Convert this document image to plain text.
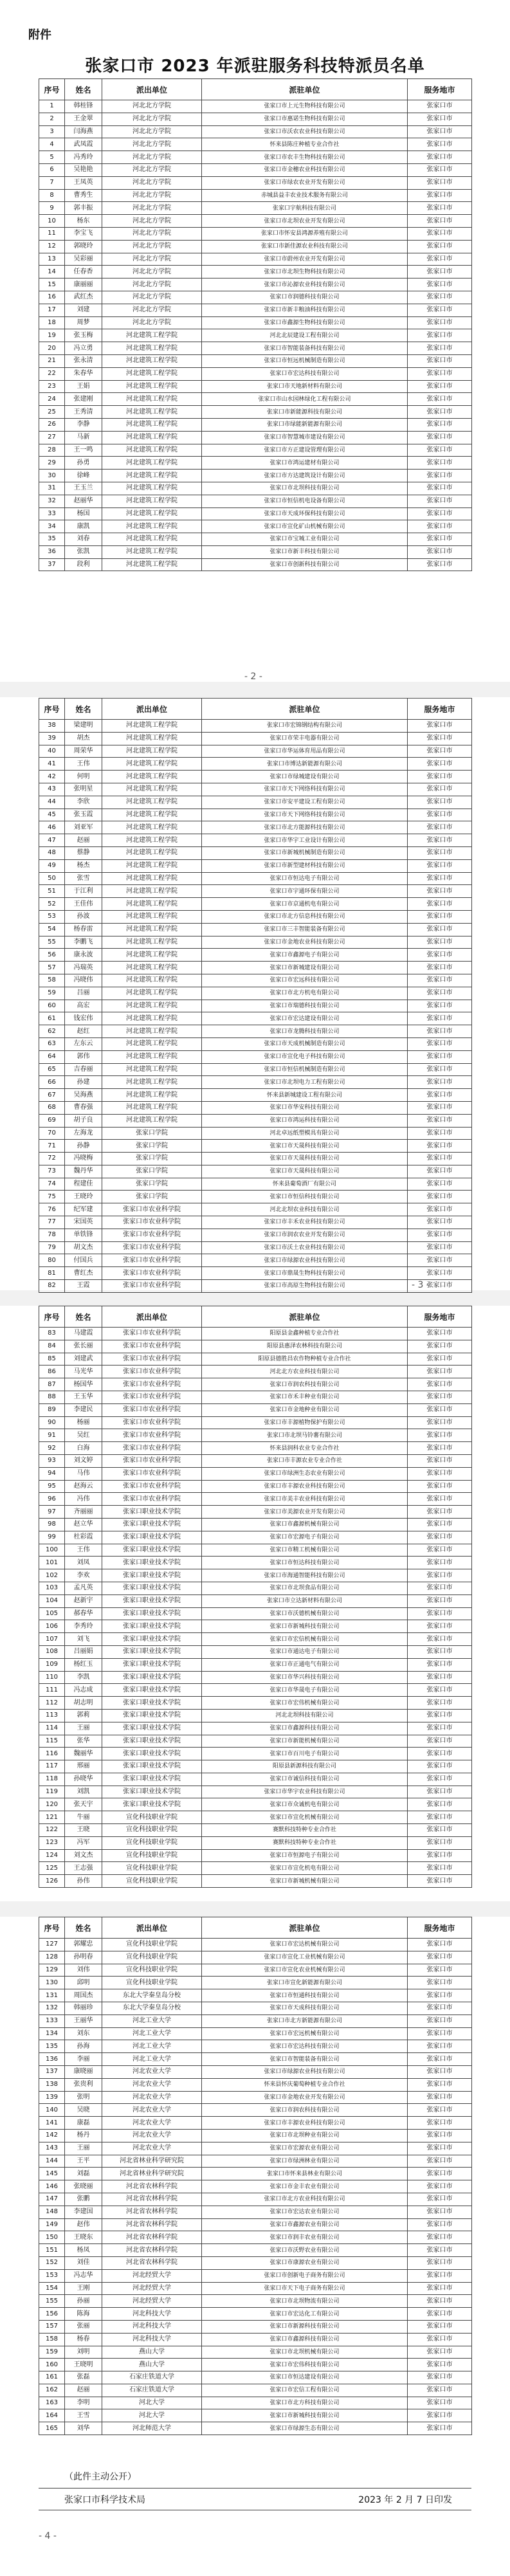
附件
张家口市 2023 年派驻服务科技特派员名单
序号	姓名	派出单位	派驻单位	服务地市
1	韩桂锋	河北北方学院	张家口市上元生物科技有限公司	张家口市
2	王金翠	河北北方学院	张家口市惠诺生物科技有限公司	张家口市
3	闫海燕	河北北方学院	张家口市沃农农业科技有限公司	张家口市
4	武凤霞	河北北方学院	怀来县陈庄种植专业合作社	张家口市
5	冯秀玲	河北北方学院	张家口市农丰生物科技有限公司	张家口市
6	吴艳艳	河北北方学院	张家口市金穗农业科技有限公司	张家口市
7	王凤英	河北北方学院	张家口市绿农农业开发有限公司	张家口市
8	曹秀生	河北北方学院	赤城县益丰农业技术服务有限公司	张家口市
9	郭丰振	河北北方学院	张家口宇航科技有限公司	张家口市
10	杨东	河北北方学院	张家口市北坝农业开发有限公司	张家口市
11	李宝飞	河北北方学院	张家口市怀安县鸿源养殖有限公司	张家口市
12	郭晓玲	河北北方学院	张家口市新佳源农业科技有限公司	张家口市
13	吴彩丽	河北北方学院	张家口市蔚州农业开发有限公司	张家口市
14	任春香	河北北方学院	张家口市北坝生物科技有限公司	张家口市
15	康丽丽	河北北方学院	张家口市沁源农业科技有限公司	张家口市
16	武红杰	河北北方学院	张家口市润德科技有限公司	张家口市
17	刘建	河北北方学院	张家口市新丰粮油科技有限公司	张家口市
18	周梦	河北北方学院	张家口市鑫源生物科技有限公司	张家口市
19	张玉梅	河北建筑工程学院	河北北辰建设工程有限公司	张家口市
20	冯立勇	河北建筑工程学院	张家口市智能装备科技有限公司	张家口市
21	张永清	河北建筑工程学院	张家口市恒远机械制造有限公司	张家口市
22	朱春华	河北建筑工程学院	张家口市宏达科技有限公司	张家口市
23	王娟	河北建筑工程学院	张家口市天地新材料有限公司	张家口市
24	张建刚	河北建筑工程学院	张家口市山水园林绿化工程有限公司	张家口市
25	王秀清	河北建筑工程学院	张家口市新能源科技有限公司	张家口市
26	李静	河北建筑工程学院	张家口市绿能新能源有限公司	张家口市
27	马新	河北建筑工程学院	张家口市智慧城市建设有限公司	张家口市
28	王一鸣	河北建筑工程学院	张家口市方正建设管理有限公司	张家口市
29	孙勇	河北建筑工程学院	张家口市鸿运建材有限公司	张家口市
30	徐峰	河北建筑工程学院	张家口市方达建筑设计有限公司	张家口市
31	王玉兰	河北建筑工程学院	张家口市北坝科技有限公司	张家口市
32	赵丽华	河北建筑工程学院	张家口市恒信机电设备有限公司	张家口市
33	杨国	河北建筑工程学院	张家口市天成环保科技有限公司	张家口市
34	康凯	河北建筑工程学院	张家口市宣化矿山机械有限公司	张家口市
35	刘春	河北建筑工程学院	张家口市宝城工业有限公司	张家口市
36	张凯	河北建筑工程学院	张家口市新丰科技有限公司	张家口市
37	段利	河北建筑工程学院	张家口市创新科技有限公司	张家口市
- 2 -
序号	姓名	派出单位	派驻单位	服务地市
38	梁建明	河北建筑工程学院	张家口市宏锦钢结构有限公司	张家口市
39	胡杰	河北建筑工程学院	张家口市荣丰电器有限公司	张家口市
40	周荣华	河北建筑工程学院	张家口市华运体育用品有限公司	张家口市
41	王伟	河北建筑工程学院	张家口市博达新能源有限公司	张家口市
42	何明	河北建筑工程学院	张家口市绿城建设有限公司	张家口市
43	张明星	河北建筑工程学院	张家口市天下网络科技有限公司	张家口市
44	李欣	河北建筑工程学院	张家口市安平建设工程有限公司	张家口市
45	张玉霞	河北建筑工程学院	张家口市天下网络科技有限公司	张家口市
46	刘亚军	河北建筑工程学院	张家口市北方能源科技有限公司	张家口市
47	赵丽	河北建筑工程学院	张家口市华宇工业设计有限公司	张家口市
48	蔡静	河北建筑工程学院	张家口市新城机械制造有限公司	张家口市
49	杨杰	河北建筑工程学院	张家口市新型建材科技有限公司	张家口市
50	张雪	河北建筑工程学院	张家口市恒达电子有限公司	张家口市
51	于江利	河北建筑工程学院	张家口市宇通环保有限公司	张家口市
52	王佳伟	河北建筑工程学院	张家口市京通机电有限公司	张家口市
53	孙波	河北建筑工程学院	张家口市北方信息科技有限公司	张家口市
54	杨春雷	河北建筑工程学院	张家口市三丰智能装备有限公司	张家口市
55	李鹏飞	河北建筑工程学院	张家口市金地农业科技有限公司	张家口市
56	康永波	河北建筑工程学院	张家口市鑫源电子有限公司	张家口市
57	冯瑞英	河北建筑工程学院	张家口市新城建设有限公司	张家口市
58	冯晓伟	河北建筑工程学院	张家口市宏远科技有限公司	张家口市
59	吕丽	河北建筑工程学院	张家口市北方机电有限公司	张家口市
60	高宏	河北建筑工程学院	张家口市瑞德科技有限公司	张家口市
61	钱宏伟	河北建筑工程学院	张家口市宏达建设有限公司	张家口市
62	赵红	河北建筑工程学院	张家口市龙腾科技有限公司	张家口市
63	左东云	河北建筑工程学院	张家口市天成机械制造有限公司	张家口市
64	郭伟	河北建筑工程学院	张家口市宣化电子科技有限公司	张家口市
65	吉春丽	河北建筑工程学院	张家口市恒信机械制造有限公司	张家口市
66	孙建	河北建筑工程学院	张家口市北坝电力工程有限公司	张家口市
67	吴海燕	河北建筑工程学院	怀来县新城建设工程有限公司	张家口市
68	曹春强	河北建筑工程学院	张家口市华安科技有限公司	张家口市
69	胡子良	河北建筑工程学院	张家口市鸿运科技有限公司	张家口市
70	左海龙	张家口学院	河北卓远纸塑模具有限公司	张家口市
71	孙静	张家口学院	张家口市天晟科技有限公司	张家口市
72	冯晓梅	张家口学院	张家口市天晟科技有限公司	张家口市
73	魏丹华	张家口学院	张家口市天晟科技有限公司	张家口市
74	程建佳	张家口学院	怀来县葡萄酒厂有限公司	张家口市
75	王晓玲	张家口学院	张家口市恒信科技有限公司	张家口市
76	纪军建	张家口市农业科学院	河北北坝农业科技有限公司	张家口市
77	宋国英	张家口市农业科学院	张家口市丰禾农业科技有限公司	张家口市
78	单铁锋	张家口市农业科学院	张家口市润农农业开发有限公司	张家口市
79	胡文杰	张家口市农业科学院	张家口市沃土农业科技有限公司	张家口市
80	付国兵	张家口市农业科学院	张家口市绿源农业科技有限公司	张家口市
81	曹红杰	张家口市农业科学院	张家口市鼎晟生物科技有限公司	张家口市
82	王霞	张家口市农业科学院	张家口市高原生物科技有限公司	张家口市
- 3 -
序号	姓名	派出单位	派驻单位	服务地市
83	马建霞	张家口市农业科学院	阳原县金鑫种植专业合作社	张家口市
84	张长丽	张家口市农业科学院	阳原县惠泽农林科技有限公司	张家口市
85	刘建武	张家口市农业科学院	阳原县德胜昌农作物种植专业合作社	张家口市
86	马光华	张家口市农业科学院	河北北方农业科技有限公司	张家口市
87	杨国华	张家口市农业科学院	张家口市润农科技有限公司	张家口市
88	王玉华	张家口市农业科学院	张家口市禾丰种业有限公司	张家口市
89	李建民	张家口市农业科学院	张家口市金地种业有限公司	张家口市
90	杨丽	张家口市农业科学院	张家口市丰源植物保护有限公司	张家口市
91	吴红	张家口市农业科学院	张家口市北坝马铃薯有限公司	张家口市
92	白海	张家口市农业科学院	怀来县润科农业专业合作社	张家口市
93	刘文婷	张家口市农业科学院	张家口市丰源农业专业合作社	张家口市
94	马伟	张家口市农业科学院	张家口市绿洲生态农业有限公司	张家口市
95	赵海云	张家口市农业科学院	张家口市丰源农业科技有限公司	张家口市
96	冯伟	张家口市农业科学院	张家口市美丰农业科技有限公司	张家口市
97	齐丽丽	张家口职业技术学院	张家口市美源农业开发有限公司	张家口市
98	赵立华	张家口职业技术学院	张家口市鑫源机械有限公司	张家口市
99	杜彩霞	张家口职业技术学院	张家口市宏源电子有限公司	张家口市
100	王伟	张家口职业技术学院	张家口市精工机械有限公司	张家口市
101	刘凤	张家口职业技术学院	张家口市恒达科技有限公司	张家口市
102	李欢	张家口职业技术学院	张家口市海通智能科技有限公司	张家口市
103	孟凡英	张家口职业技术学院	张家口市北坝食品有限公司	张家口市
104	赵新宇	张家口职业技术学院	张家口市立达新材料有限公司	张家口市
105	郝春华	张家口职业技术学院	张家口市沃德机械有限公司	张家口市
106	李秀玲	张家口职业技术学院	张家口市新城科技有限公司	张家口市
107	刘飞	张家口职业技术学院	张家口市宏信机械有限公司	张家口市
108	吕丽娟	张家口职业技术学院	张家口市通达电子有限公司	张家口市
109	杨红玉	张家口职业技术学院	张家口市正通电气有限公司	张家口市
110	李凯	张家口职业技术学院	张家口市华兴科技有限公司	张家口市
111	冯志成	张家口职业技术学院	张家口市华晟电子有限公司	张家口市
112	胡志明	张家口职业技术学院	张家口市宏伟机械有限公司	张家口市
113	郭莉	张家口职业技术学院	河北北坝科技有限公司	张家口市
114	王丽	张家口职业技术学院	张家口市鑫源科技有限公司	张家口市
115	张华	张家口职业技术学院	张家口市新能机械有限公司	张家口市
116	魏丽华	张家口职业技术学院	张家口市百川电子有限公司	张家口市
117	邢丽	张家口职业技术学院	阳原县新源科技有限公司	张家口市
118	孙晓华	张家口职业技术学院	张家口市诚信科技有限公司	张家口市
119	刘凯	张家口职业技术学院	张家口市华宇农业科技有限公司	张家口市
120	张天宇	张家口职业技术学院	张家口市众诚机电有限公司	张家口市
121	牛丽	宣化科技职业学院	张家口市宣化机械有限公司	张家口市
122	王晓	宣化科技职业学院	赛默科技特种专业合作社	张家口市
123	冯军	宣化科技职业学院	赛默科技特种专业合作社	张家口市
124	刘文杰	宣化科技职业学院	张家口市恒源电子有限公司	张家口市
125	王志强	宣化科技职业学院	张家口市宣化机电有限公司	张家口市
126	孙伟	宣化科技职业学院	张家口市新城机械有限公司	张家口市
- 4 -
序号	姓名	派出单位	派驻单位	服务地市
127	郭耀忠	宣化科技职业学院	张家口市宏达机械有限公司	张家口市
128	孙明春	宣化科技职业学院	张家口市宣化工业机械有限公司	张家口市
129	刘伟	宣化科技职业学院	张家口市宣化农业机械有限公司	张家口市
130	邱明	宣化科技职业学院	张家口市宣化新能源有限公司	张家口市
131	周国杰	东北大学秦皇岛分校	张家口市恒通科技有限公司	张家口市
132	韩丽珍	东北大学秦皇岛分校	张家口市天成科技有限公司	张家口市
133	王丽华	河北工业大学	张家口市北方新能源有限公司	张家口市
134	刘东	河北工业大学	张家口市宏远机械有限公司	张家口市
135	孙海	河北工业大学	张家口市宏达科技有限公司	张家口市
136	李丽	河北工业大学	张家口市智能装备有限公司	张家口市
137	康晓丽	河北农业大学	张家口市绿源农业科技有限公司	张家口市
138	张贵利	河北农业大学	怀来县怀庆葡萄种植专业合作社	张家口市
139	张明	河北农业大学	张家口市金地农业开发有限公司	张家口市
140	吴晓	河北农业大学	张家口市润农科技有限公司	张家口市
141	康磊	河北农业大学	张家口市丰源农业科技有限公司	张家口市
142	杨丹	河北农业大学	张家口市北坝种业有限公司	张家口市
143	王丽	河北农业大学	张家口市宏源农业有限公司	张家口市
144	王平	河北省林业科学研究院	张家口市绿洲林业有限公司	张家口市
145	刘磊	河北省林业科学研究院	张家口市怀来县林业有限公司	张家口市
146	张晓丽	河北省农林科学院	张家口市金丰农业有限公司	张家口市
147	张鹏	河北省农林科学院	张家口市北方农业科技有限公司	张家口市
148	李建国	河北省农林科学院	张家口市宏达农业有限公司	张家口市
149	赵伟	河北省农林科学院	张家口市鑫源农业有限公司	张家口市
150	王晓东	河北省农林科学院	张家口市润丰农业有限公司	张家口市
151	杨凤	河北省农林科学院	张家口市沃野农业有限公司	张家口市
152	刘佳	河北省农林科学院	张家口市康源农业有限公司	张家口市
153	冯志华	河北经贸大学	张家口市创新电子商务有限公司	张家口市
154	王刚	河北经贸大学	张家口市天下电子商务有限公司	张家口市
155	孙丽	河北经贸大学	张家口市北坝物流有限公司	张家口市
156	陈海	河北科技大学	张家口市宏达化工有限公司	张家口市
157	张丽	河北科技大学	张家口市新源科技有限公司	张家口市
158	杨春	河北科技大学	张家口市鑫源科技有限公司	张家口市
159	刘明	燕山大学	张家口市北坝机械有限公司	张家口市
160	王晓明	燕山大学	张家口市宏伟科技有限公司	张家口市
161	张磊	石家庄铁道大学	张家口市恒达建设有限公司	张家口市
162	赵丽	石家庄铁道大学	张家口市宏信工程有限公司	张家口市
163	李明	河北大学	张家口市北方科技有限公司	张家口市
164	王雪	河北大学	张家口市新城科技有限公司	张家口市
165	刘华	河北师范大学	张家口市绿源生态有限公司	张家口市
（此件主动公开）
张家口市科学技术局	2023 年 2 月 7 日印发
